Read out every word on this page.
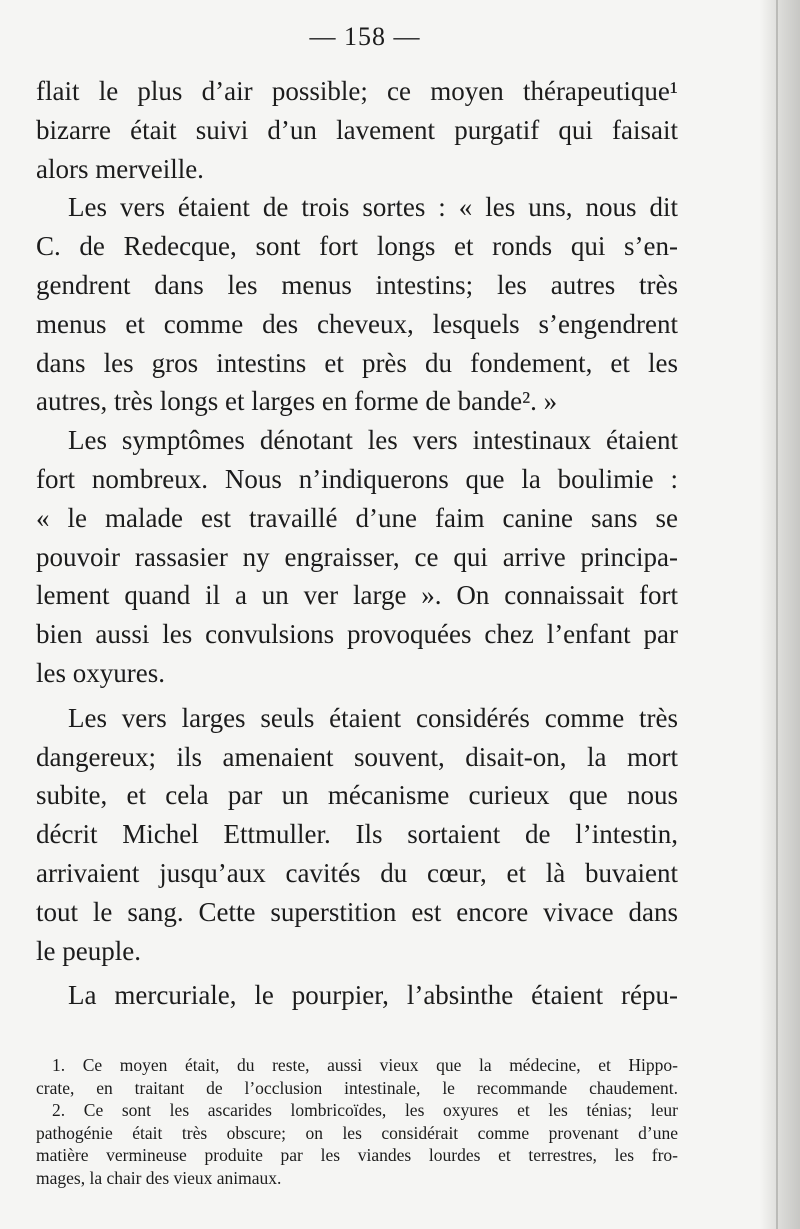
— 158 —
flait le plus d’air possible; ce moyen thérapeutique¹
bizarre était suivi d’un lavement purgatif qui faisait
alors merveille.
Les vers étaient de trois sortes : « les uns, nous dit
C. de Redecque, sont fort longs et ronds qui s’en-
gendrent dans les menus intestins; les autres très
menus et comme des cheveux, lesquels s’engendrent
dans les gros intestins et près du fondement, et les
autres, très longs et larges en forme de bande². »
Les symptômes dénotant les vers intestinaux étaient
fort nombreux. Nous n’indiquerons que la boulimie :
« le malade est travaillé d’une faim canine sans se
pouvoir rassasier ny engraisser, ce qui arrive principa-
lement quand il a un ver large ». On connaissait fort
bien aussi les convulsions provoquées chez l’enfant par
les oxyures.
Les vers larges seuls étaient considérés comme très
dangereux; ils amenaient souvent, disait-on, la mort
subite, et cela par un mécanisme curieux que nous
décrit Michel Ettmuller. Ils sortaient de l’intestin,
arrivaient jusqu’aux cavités du cœur, et là buvaient
tout le sang. Cette superstition est encore vivace dans
le peuple.
La mercuriale, le pourpier, l’absinthe étaient répu-
1. Ce moyen était, du reste, aussi vieux que la médecine, et Hippo-
crate, en traitant de l’occlusion intestinale, le recommande chaudement.
2. Ce sont les ascarides lombricoïdes, les oxyures et les ténias; leur
pathogénie était très obscure; on les considérait comme provenant d’une
matière vermineuse produite par les viandes lourdes et terrestres, les fro-
mages, la chair des vieux animaux.
